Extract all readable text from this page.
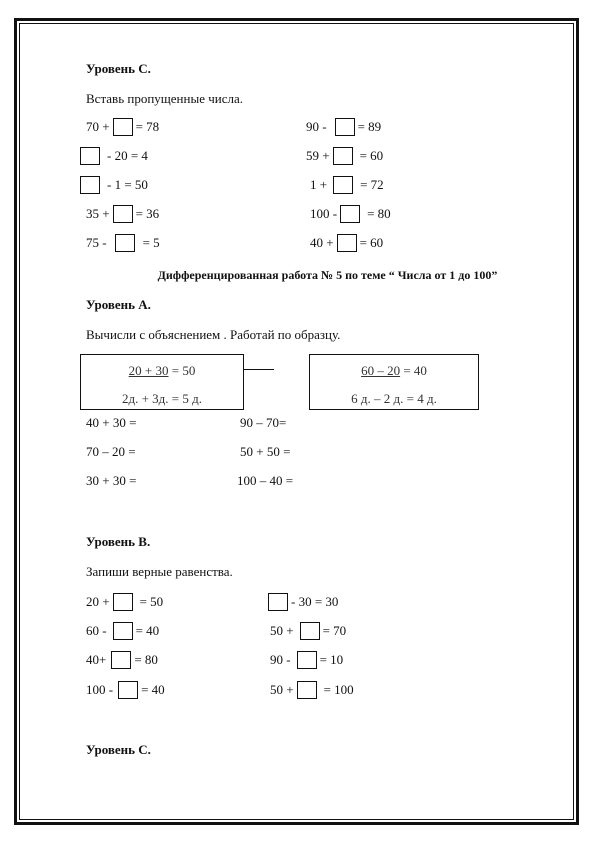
Уровень С.
Вставь пропущенные числа.
70 + = 78
- 20 = 4
- 1 = 50
35 + = 36
75 -	= 5
90 - = 89
59 + = 60
1 +	= 72
100 - = 80
40 + = 60
Дифференцированная работа № 5 по теме “ Числа от 1 до 100”
Уровень А.
Вычисли с объяснением . Работай по образцу.
20 + 30 = 50
2д. + 3д. = 5 д.
60 – 20 = 40
6 д. – 2 д. = 4 д.
40 + 30 =
70 – 20 =
30 + 30 =
90 – 70=
50 + 50 =
100 – 40 =
Уровень В.
Запиши верные равенства.
20 + = 50
60 - = 40
40+ = 80
100 - = 40
- 30 = 30
50 + = 70
90 - = 10
50 + = 100
Уровень С.
